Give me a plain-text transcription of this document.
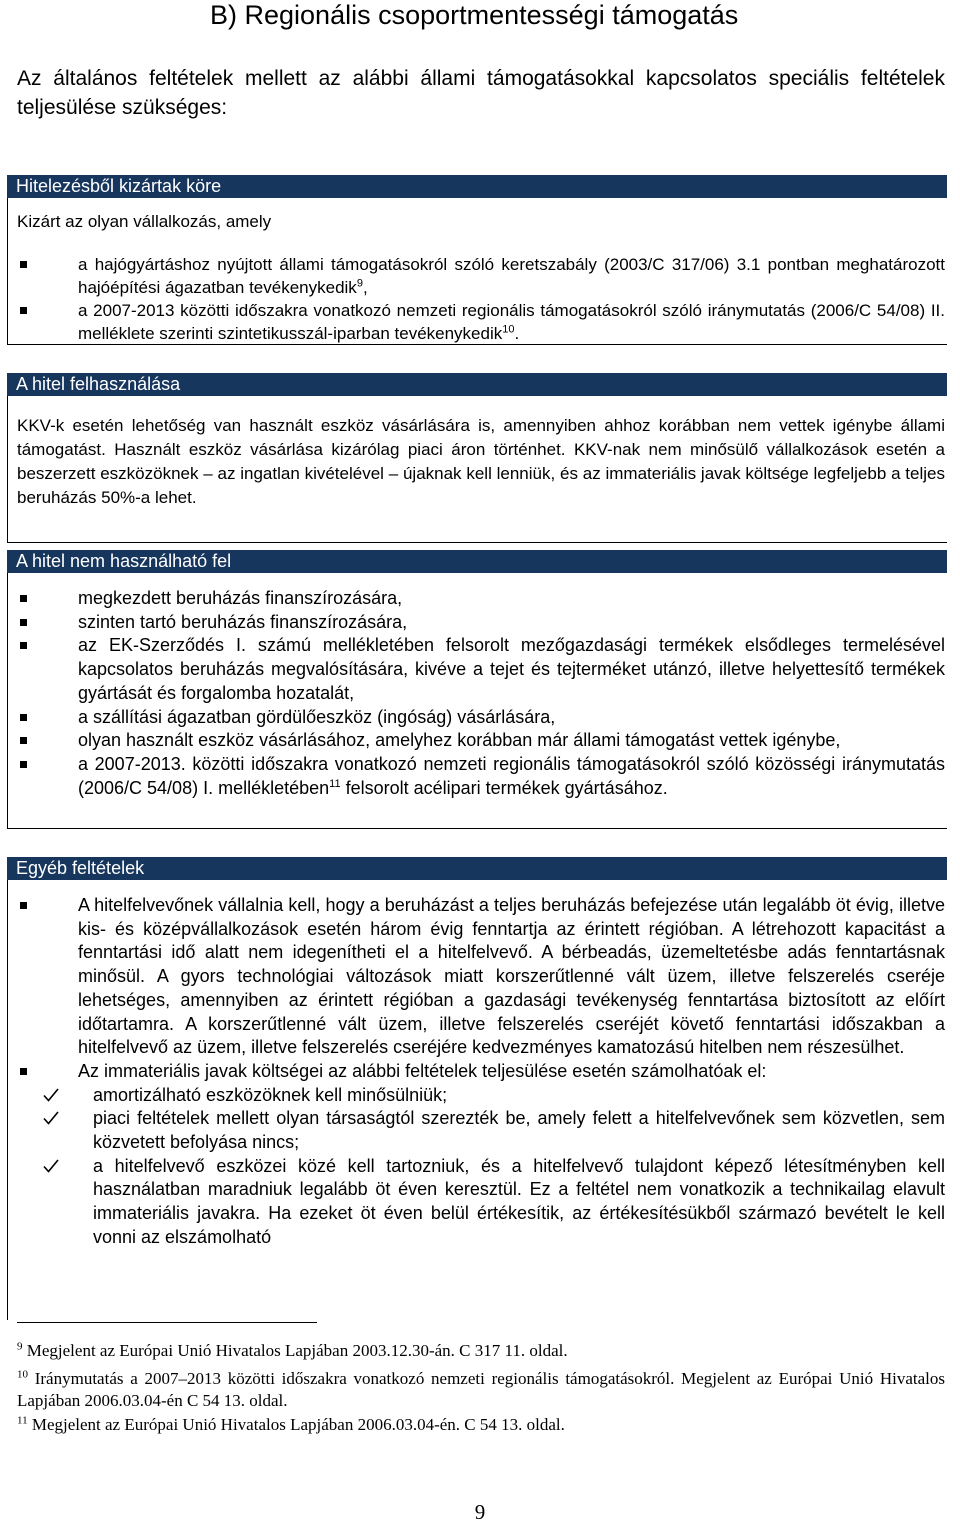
B) Regionális csoportmentességi támogatás
Az általános feltételek mellett az alábbi állami támogatásokkal kapcsolatos speciális feltételek teljesülése szükséges:
Hitelezésből kizártak köre
Kizárt az olyan vállalkozás, amely
a hajógyártáshoz nyújtott állami támogatásokról szóló keretszabály (2003/C 317/06) 3.1 pontban meghatározott hajóépítési ágazatban tevékenykedik$^9$,
a 2007-2013 közötti időszakra vonatkozó nemzeti regionális támogatásokról szóló iránymutatás (2006/C 54/08) II. melléklete szerinti szintetikusszál-iparban tevékenykedik$^{10}$.
A hitel felhasználása
KKV-k esetén lehetőség van használt eszköz vásárlására is, amennyiben ahhoz korábban nem vettek igénybe állami támogatást. Használt eszköz vásárlása kizárólag piaci áron történhet. KKV-nak nem minősülő vállalkozások esetén a beszerzett eszközöknek – az ingatlan kivételével – újaknak kell lenniük, és az immateriális javak költsége legfeljebb a teljes beruházás 50%-a lehet.
A hitel nem használható fel
megkezdett beruházás finanszírozására,
szinten tartó beruházás finanszírozására,
az EK-Szerződés I. számú mellékletében felsorolt mezőgazdasági termékek elsődleges termelésével kapcsolatos beruházás megvalósítására, kivéve a tejet és tejterméket utánzó, illetve helyettesítő termékek gyártását és forgalomba hozatalát,
a szállítási ágazatban gördülőeszköz (ingóság) vásárlására,
olyan használt eszköz vásárlásához, amelyhez korábban már állami támogatást vettek igénybe,
a 2007-2013. közötti időszakra vonatkozó nemzeti regionális támogatásokról szóló közösségi iránymutatás (2006/C 54/08) I. mellékletében$^{11}$ felsorolt acélipari termékek gyártásához.
Egyéb feltételek
A hitelfelvevőnek vállalnia kell, hogy a beruházást a teljes beruházás befejezése után legalább öt évig, illetve kis- és középvállalkozások esetén három évig fenntartja az érintett régióban. A létrehozott kapacitást a fenntartási idő alatt nem idegenítheti el a hitelfelvevő. A bérbeadás, üzemeltetésbe adás fenntartásnak minősül. A gyors technológiai változások miatt korszerűtlenné vált üzem, illetve felszerelés cseréje lehetséges, amennyiben az érintett régióban a gazdasági tevékenység fenntartása biztosított az előírt időtartamra. A korszerűtlenné vált üzem, illetve felszerelés cseréjét követő fenntartási időszakban a hitelfelvevő az üzem, illetve felszerelés cseréjére kedvezményes kamatozású hitelben nem részesülhet.
Az immateriális javak költségei az alábbi feltételek teljesülése esetén számolhatóak el:
amortizálható eszközöknek kell minősülniük;
piaci feltételek mellett olyan társaságtól szerezték be, amely felett a hitelfelvevőnek sem közvetlen, sem közvetett befolyása nincs;
a hitelfelvevő eszközei közé kell tartozniuk, és a hitelfelvevő tulajdont képező létesítményben kell használatban maradniuk legalább öt éven keresztül. Ez a feltétel nem vonatkozik a technikailag elavult immateriális javakra. Ha ezeket öt éven belül értékesítik, az értékesítésükből származó bevételt le kell vonni az elszámolható
$^9$ Megjelent az Európai Unió Hivatalos Lapjában 2003.12.30-án. C 317 11. oldal.
$^{10}$ Iránymutatás a 2007–2013 közötti időszakra vonatkozó nemzeti regionális támogatásokról. Megjelent az Európai Unió Hivatalos Lapjában 2006.03.04-én C 54 13. oldal.
$^{11}$ Megjelent az Európai Unió Hivatalos Lapjában 2006.03.04-én. C 54 13. oldal.
9
